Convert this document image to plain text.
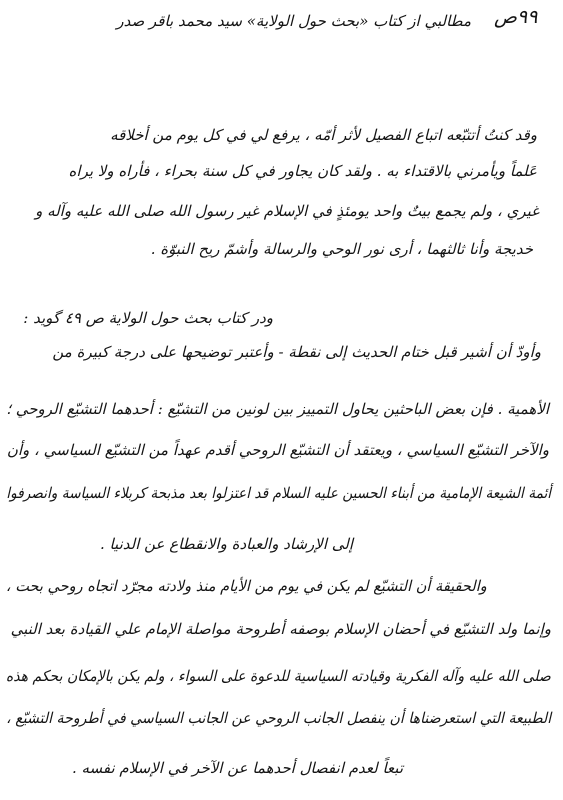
٩٩ص
مطالبي از كتاب «بحث حول الولاية» سيد محمد باقر صدر
وقد كنتُ أتتبّعه اتباع الفصيل لأثر أمّه ، يرفع لي في كل يوم من أخلاقه
عَلماً ويأمرني بالاقتداء به . ولقد كان يجاور في كل سنة بحراء ، فأراه ولا يراه
غيري ، ولم يجمع بيتٌ واحد يومئذٍ في الإسلام غير رسول الله صلى الله عليه وآله و
خديجة وأنا ثالثهما ، أرى نور الوحي والرسالة وأشمّ ريح النبوّة .
ودر كتاب بحث حول الولاية ص ٤٩ گويد :
وأودّ أن أشير قبل ختام الحديث إلى نقطة - وأعتبر توضيحها على درجة كبيرة من
الأهمية . فإن بعض الباحثين يحاول التمييز بين لونين من التشيّع : أحدهما التشيّع الروحي ؛
والآخر التشيّع السياسي ، ويعتقد أن التشيّع الروحي أقدم عهداً من التشيّع السياسي ، وأن
أئمة الشيعة الإمامية من أبناء الحسين عليه السلام قد اعتزلوا بعد مذبحة كربلاء السياسة وانصرفوا
إلى الإرشاد والعبادة والانقطاع عن الدنيا .
والحقيقة أن التشيّع لم يكن في يوم من الأيام منذ ولادته مجرّد اتجاه روحي بحت ،
وإنما ولد التشيّع في أحضان الإسلام بوصفه أطروحة مواصلة الإمام علي القيادة بعد النبي
صلى الله عليه وآله الفكرية وقيادته السياسية للدعوة على السواء ، ولم يكن بالإمكان بحكم هذه
الطبيعة التي استعرضناها أن ينفصل الجانب الروحي عن الجانب السياسي في أطروحة التشيّع ،
تبعاً لعدم انفصال أحدهما عن الآخر في الإسلام نفسه .
